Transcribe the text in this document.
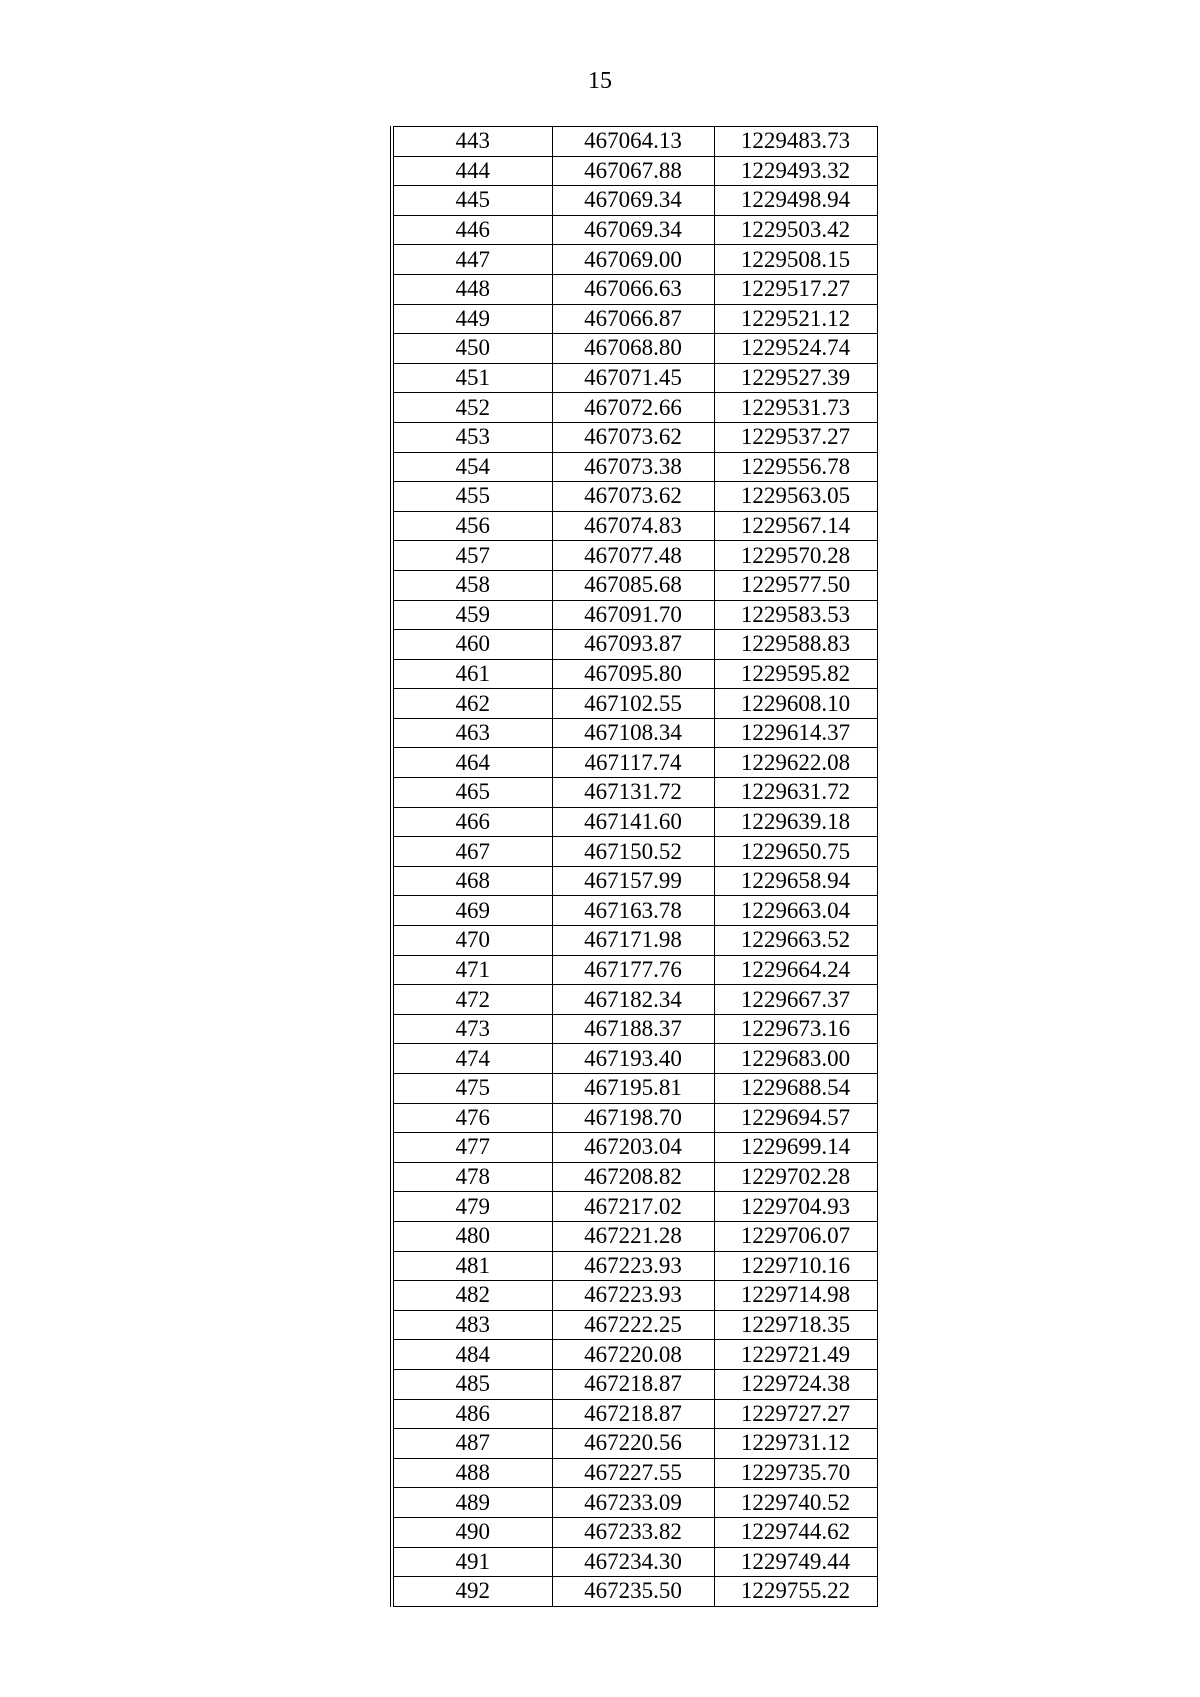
15
443	467064.13	1229483.73
444	467067.88	1229493.32
445	467069.34	1229498.94
446	467069.34	1229503.42
447	467069.00	1229508.15
448	467066.63	1229517.27
449	467066.87	1229521.12
450	467068.80	1229524.74
451	467071.45	1229527.39
452	467072.66	1229531.73
453	467073.62	1229537.27
454	467073.38	1229556.78
455	467073.62	1229563.05
456	467074.83	1229567.14
457	467077.48	1229570.28
458	467085.68	1229577.50
459	467091.70	1229583.53
460	467093.87	1229588.83
461	467095.80	1229595.82
462	467102.55	1229608.10
463	467108.34	1229614.37
464	467117.74	1229622.08
465	467131.72	1229631.72
466	467141.60	1229639.18
467	467150.52	1229650.75
468	467157.99	1229658.94
469	467163.78	1229663.04
470	467171.98	1229663.52
471	467177.76	1229664.24
472	467182.34	1229667.37
473	467188.37	1229673.16
474	467193.40	1229683.00
475	467195.81	1229688.54
476	467198.70	1229694.57
477	467203.04	1229699.14
478	467208.82	1229702.28
479	467217.02	1229704.93
480	467221.28	1229706.07
481	467223.93	1229710.16
482	467223.93	1229714.98
483	467222.25	1229718.35
484	467220.08	1229721.49
485	467218.87	1229724.38
486	467218.87	1229727.27
487	467220.56	1229731.12
488	467227.55	1229735.70
489	467233.09	1229740.52
490	467233.82	1229744.62
491	467234.30	1229749.44
492	467235.50	1229755.22
